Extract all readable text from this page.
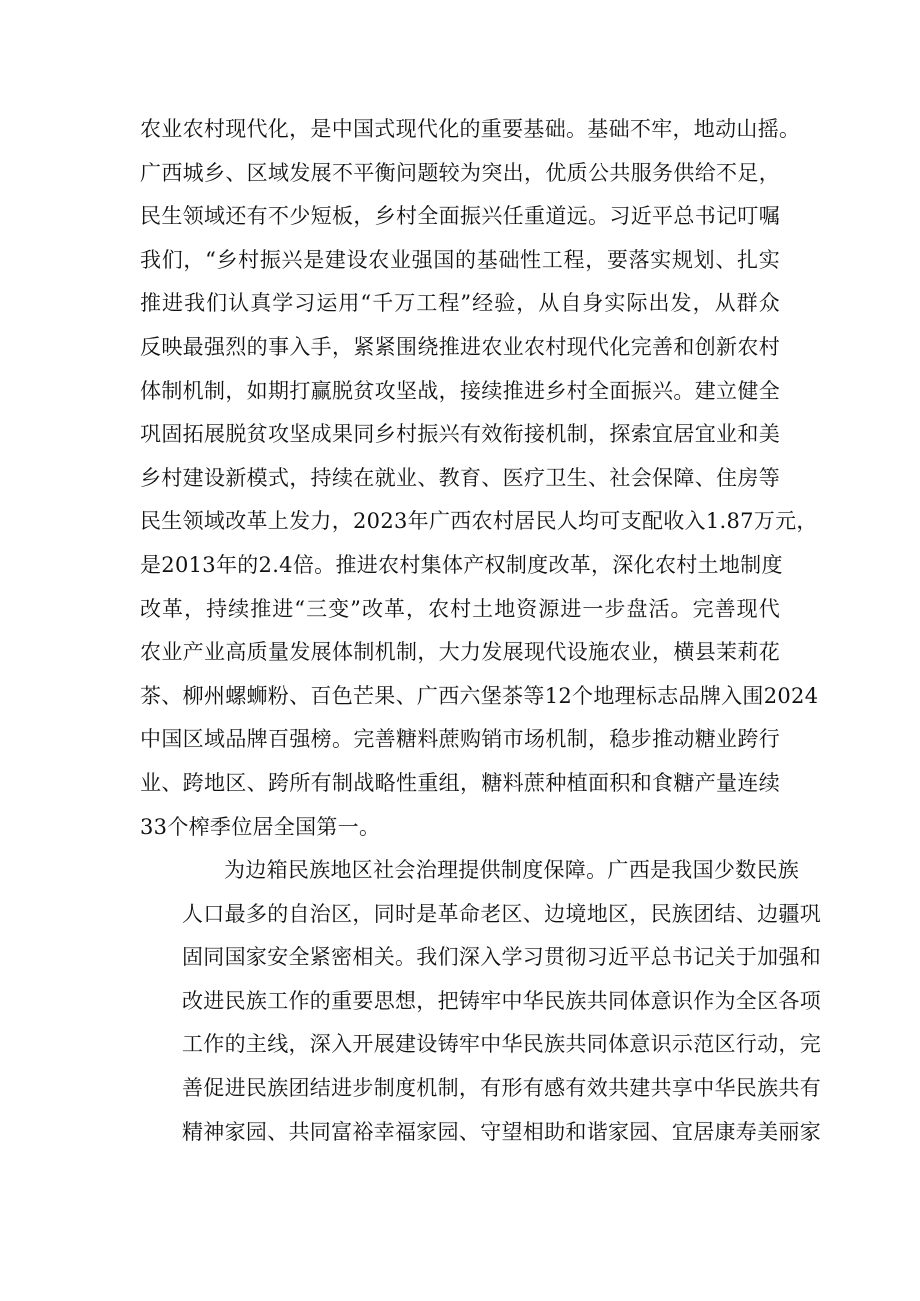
农业农村现代化，是中国式现代化的重要基础。基础不牢，地动山摇。
广西城乡、区域发展不平衡问题较为突出，优质公共服务供给不足，
民生领域还有不少短板，乡村全面振兴任重道远。习近平总书记叮嘱
我们，“乡村振兴是建设农业强国的基础性工程，要落实规划、扎实
推进我们认真学习运用“千万工程”经验，从自身实际出发，从群众
反映最强烈的事入手，紧紧围绕推进农业农村现代化完善和创新农村
体制机制，如期打赢脱贫攻坚战，接续推进乡村全面振兴。建立健全
巩固拓展脱贫攻坚成果同乡村振兴有效衔接机制，探索宜居宜业和美
乡村建设新模式，持续在就业、教育、医疗卫生、社会保障、住房等
民生领域改革上发力，2023年广西农村居民人均可支配收入1.87万元，
是2013年的2.4倍。推进农村集体产权制度改革，深化农村土地制度
改革，持续推进“三变”改革，农村土地资源进一步盘活。完善现代
农业产业高质量发展体制机制，大力发展现代设施农业，横县茉莉花
茶、柳州螺蛳粉、百色芒果、广西六堡茶等12个地理标志品牌入围2024
中国区域品牌百强榜。完善糖料蔗购销市场机制，稳步推动糖业跨行
业、跨地区、跨所有制战略性重组，糖料蔗种植面积和食糖产量连续
33个榨季位居全国第一。
为边箱民族地区社会治理提供制度保障。广西是我国少数民族
人口最多的自治区，同时是革命老区、边境地区，民族团结、边疆巩
固同国家安全紧密相关。我们深入学习贯彻习近平总书记关于加强和
改进民族工作的重要思想，把铸牢中华民族共同体意识作为全区各项
工作的主线，深入开展建设铸牢中华民族共同体意识示范区行动，完
善促进民族团结进步制度机制，有形有感有效共建共享中华民族共有
精神家园、共同富裕幸福家园、守望相助和谐家园、宜居康寿美丽家
